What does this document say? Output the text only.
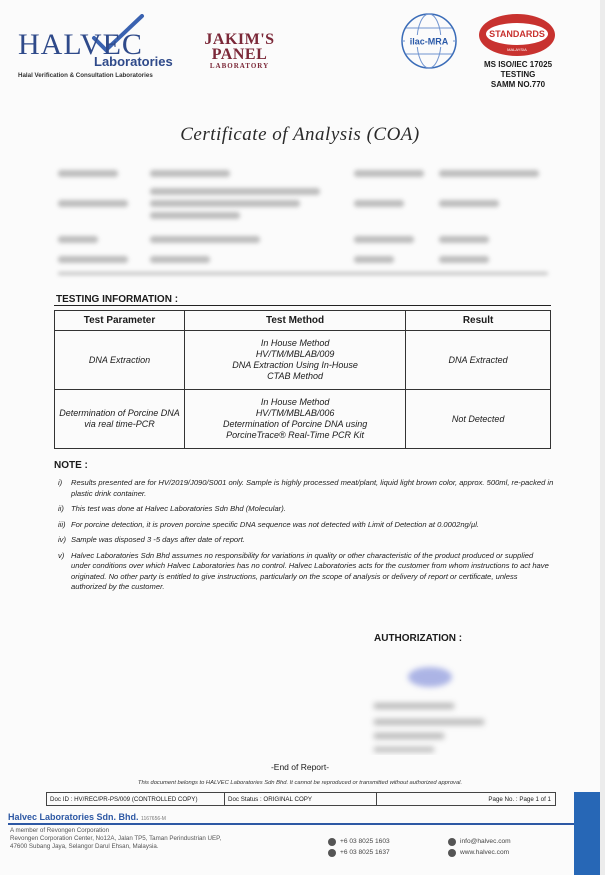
HALVEC
Laboratories
Halal Verification & Consultation Laboratories
JAKIM'S
PANEL
LABORATORY
ilac-MRA
STANDARDS
MALAYSIA
MS ISO/IEC 17025
TESTING
SAMM NO.770
Certificate of Analysis (COA)
TESTING INFORMATION :
Test Parameter	Test Method	Result
DNA Extraction	In House Method
HV/TM/MBLAB/009
DNA Extraction Using In-House
CTAB Method	DNA Extracted
Determination of Porcine DNA via real time-PCR	In House Method
HV/TM/MBLAB/006
Determination of Porcine DNA using
PorcineTrace® Real-Time PCR Kit	Not Detected
NOTE :
i)	Results presented are for HV/2019/J090/S001 only. Sample is highly processed meat/plant, liquid light brown color, approx. 500ml, re-packed in plastic drink container.
ii) This test was done at Halvec Laboratories Sdn Bhd (Molecular).
iii) For porcine detection, it is proven porcine specific DNA sequence was not detected with Limit of Detection at 0.0002ng/µl.
iv) Sample was disposed 3 -5 days after date of report.
v) Halvec Laboratories Sdn Bhd assumes no responsibility for variations in quality or other characteristic of the product produced or supplied under conditions over which Halvec Laboratories has no control. Halvec Laboratories acts for the customer from whom instructions to act have originated. No other party is entitled to give instructions, particularly on the scope of analysis or delivery of report or certificate, unless authorized by the customer.
AUTHORIZATION :
-End of Report-
This document belongs to HALVEC Laboratories Sdn Bhd. It cannot be reproduced or transmitted without authorized approval.
Doc ID : HV/REC/PR-PS/009 (CONTROLLED COPY)	Doc Status : ORIGINAL COPY	Page No. : Page 1 of 1
Halvec Laboratories Sdn. Bhd. 1167656-M
A member of Revongen Corporation
Revongen Corporation Center, No12A, Jalan TP5, Taman Perindustrian UEP,
47600 Subang Jaya, Selangor Darul Ehsan, Malaysia.
+6 03 8025 1603
+6 03 8025 1637
info@halvec.com
www.halvec.com
